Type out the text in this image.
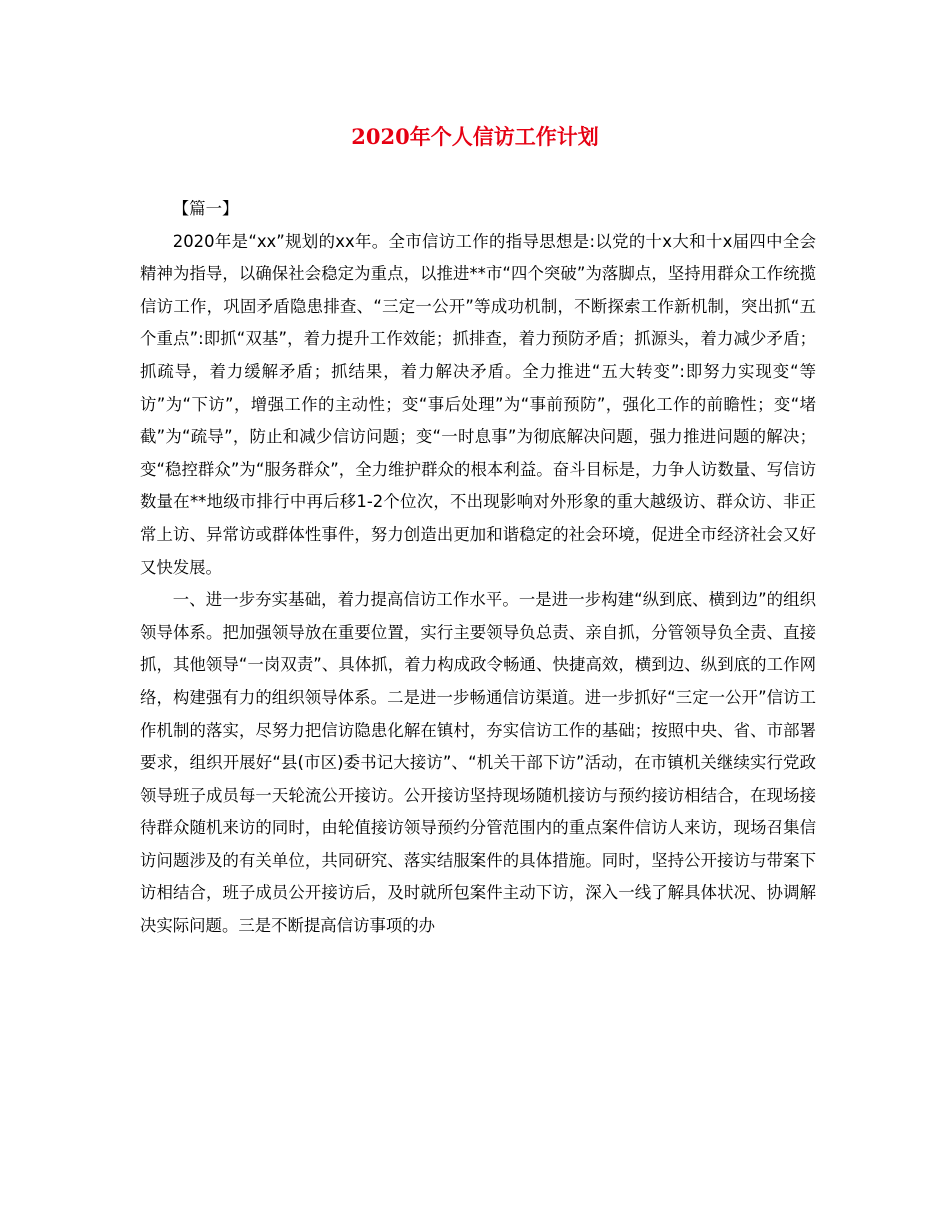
2020年个人信访工作计划

【篇一】

2020年是“xx”规划的xx年。全市信访工作的指导思想是:以党的十x大和十x届四中全会精神为指导，以确保社会稳定为重点，以推进**市“四个突破”为落脚点，坚持用群众工作统揽信访工作，巩固矛盾隐患排查、“三定一公开”等成功机制，不断探索工作新机制，突出抓“五个重点”:即抓“双基”，着力提升工作效能；抓排查，着力预防矛盾；抓源头，着力减少矛盾；抓疏导，着力缓解矛盾；抓结果，着力解决矛盾。全力推进“五大转变”:即努力实现变“等访”为“下访”，增强工作的主动性；变“事后处理”为“事前预防”，强化工作的前瞻性；变“堵截”为“疏导”，防止和减少信访问题；变“一时息事”为彻底解决问题，强力推进问题的解决；变“稳控群众”为“服务群众”，全力维护群众的根本利益。奋斗目标是，力争人访数量、写信访数量在**地级市排行中再后移1-2个位次，不出现影响对外形象的重大越级访、群众访、非正常上访、异常访或群体性事件，努力创造出更加和谐稳定的社会环境，促进全市经济社会又好又快发展。

一、进一步夯实基础，着力提高信访工作水平。一是进一步构建“纵到底、横到边”的组织领导体系。把加强领导放在重要位置，实行主要领导负总责、亲自抓，分管领导负全责、直接抓，其他领导“一岗双责”、具体抓，着力构成政令畅通、快捷高效，横到边、纵到底的工作网络，构建强有力的组织领导体系。二是进一步畅通信访渠道。进一步抓好“三定一公开”信访工作机制的落实，尽努力把信访隐患化解在镇村，夯实信访工作的基础；按照中央、省、市部署要求，组织开展好“县(市区)委书记大接访”、“机关干部下访”活动，在市镇机关继续实行党政领导班子成员每一天轮流公开接访。公开接访坚持现场随机接访与预约接访相结合，在现场接待群众随机来访的同时，由轮值接访领导预约分管范围内的重点案件信访人来访，现场召集信访问题涉及的有关单位，共同研究、落实结服案件的具体措施。同时，坚持公开接访与带案下访相结合，班子成员公开接访后，及时就所包案件主动下访，深入一线了解具体状况、协调解决实际问题。三是不断提高信访事项的办
